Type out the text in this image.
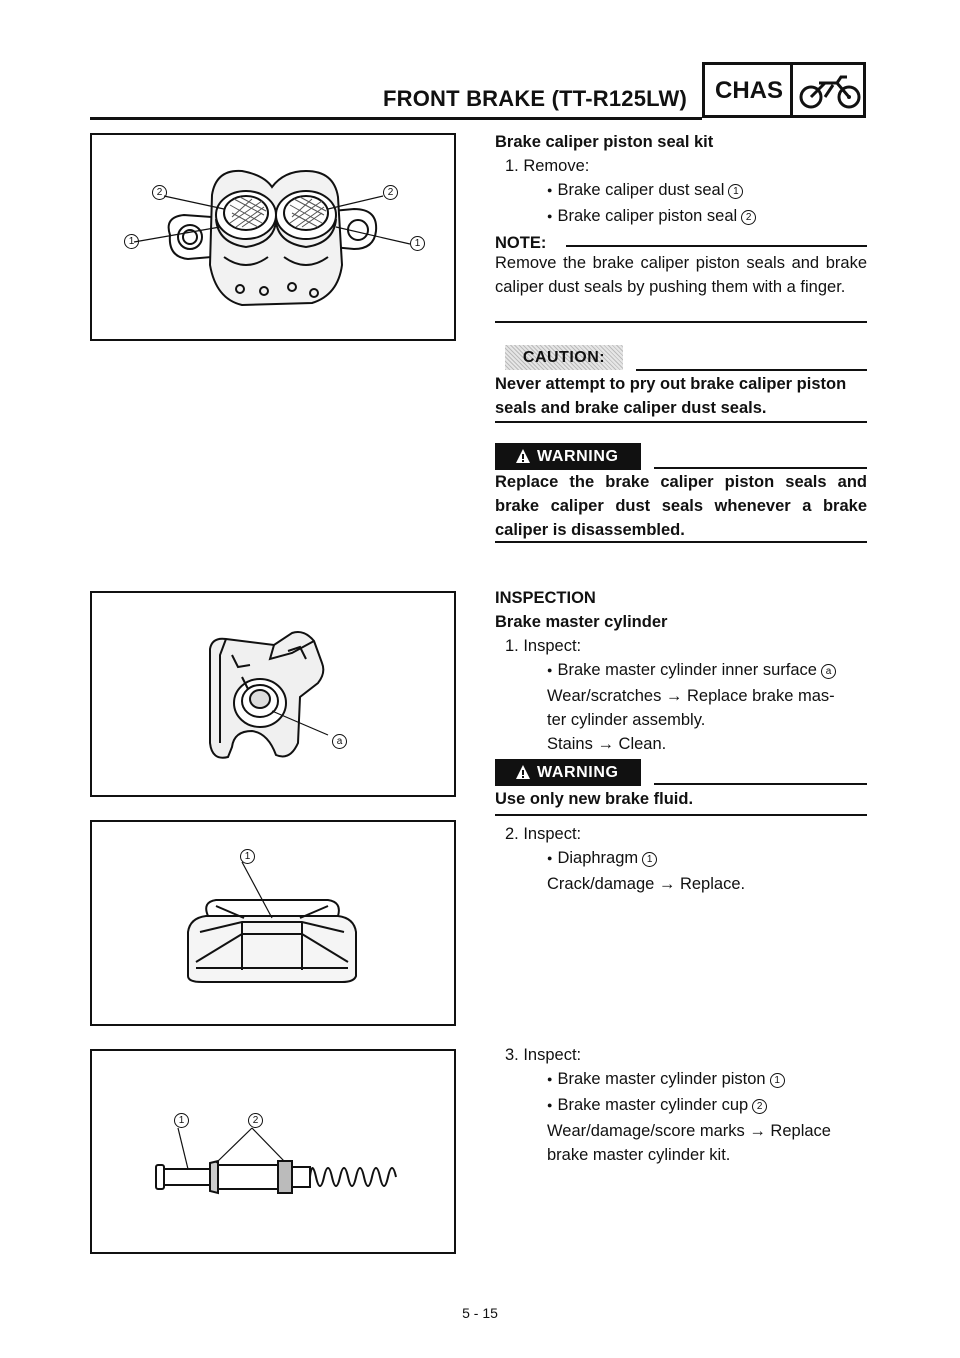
FRONT BRAKE (TT-R125LW) CHAS
1	1
2	2
a
1
1	2
Brake caliper piston seal kit
1. Remove:
● Brake caliper dust seal 1
● Brake caliper piston seal 2
NOTE:
Remove the brake caliper piston seals and brake caliper dust seals by pushing them with a finger.
CAUTION:
Never attempt to pry out brake caliper piston seals and brake caliper dust seals.
WARNING
Replace the brake caliper piston seals and brake caliper dust seals whenever a brake caliper is disassembled.
INSPECTION
Brake master cylinder
1. Inspect:
● Brake master cylinder inner surface a
Wear/scratches → Replace brake mas-
ter cylinder assembly.
Stains → Clean.
WARNING
Use only new brake fluid.
2. Inspect:
● Diaphragm 1
Crack/damage → Replace.
3. Inspect:
● Brake master cylinder piston 1
● Brake master cylinder cup 2
Wear/damage/score marks → Replace
brake master cylinder kit.
5 - 15
